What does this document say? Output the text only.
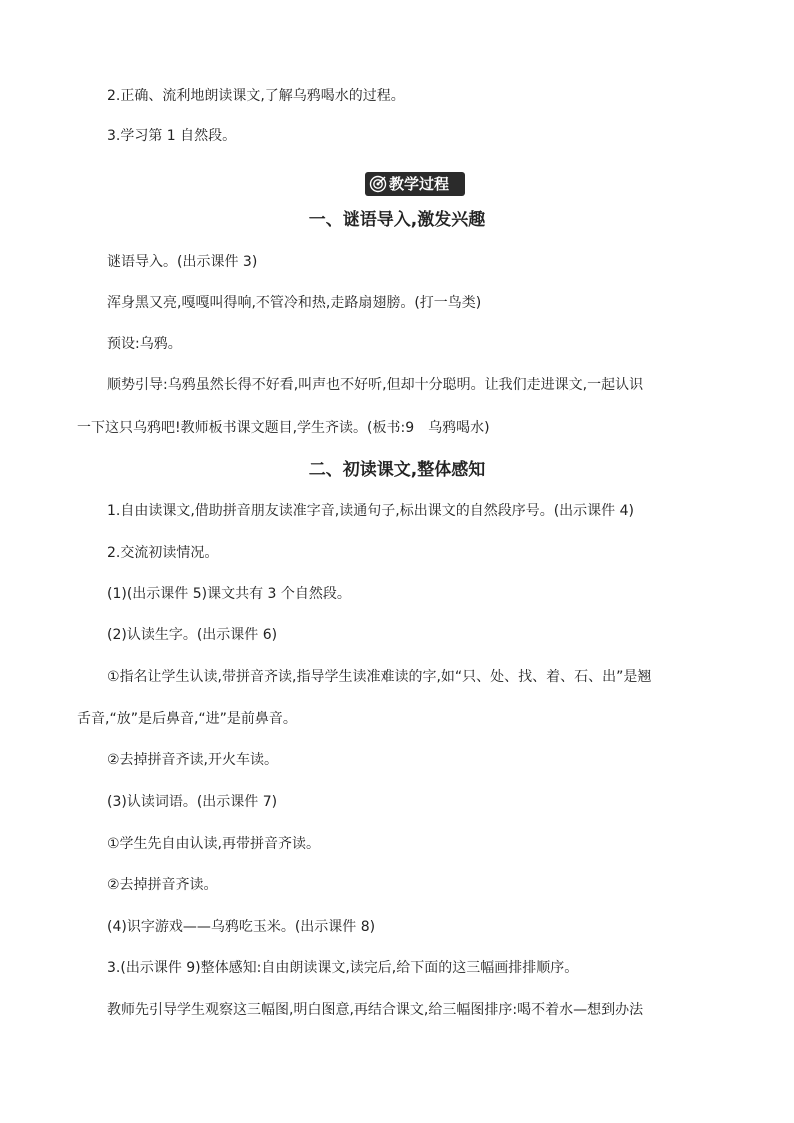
2.正确、流利地朗读课文,了解乌鸦喝水的过程。
3.学习第 1 自然段。
教学过程
一、谜语导入,激发兴趣
谜语导入。(出示课件 3)
浑身黑又亮,嘎嘎叫得响,不管冷和热,走路扇翅膀。(打一鸟类)
预设:乌鸦。
顺势引导:乌鸦虽然长得不好看,叫声也不好听,但却十分聪明。让我们走进课文,一起认识
一下这只乌鸦吧!教师板书课文题目,学生齐读。(板书:9　乌鸦喝水)
二、初读课文,整体感知
1.自由读课文,借助拼音朋友读准字音,读通句子,标出课文的自然段序号。(出示课件 4)
2.交流初读情况。
(1)(出示课件 5)课文共有 3 个自然段。
(2)认读生字。(出示课件 6)
①指名让学生认读,带拼音齐读,指导学生读准难读的字,如“只、处、找、着、石、出”是翘
舌音,“放”是后鼻音,“进”是前鼻音。
②去掉拼音齐读,开火车读。
(3)认读词语。(出示课件 7)
①学生先自由认读,再带拼音齐读。
②去掉拼音齐读。
(4)识字游戏——乌鸦吃玉米。(出示课件 8)
3.(出示课件 9)整体感知:自由朗读课文,读完后,给下面的这三幅画排排顺序。
教师先引导学生观察这三幅图,明白图意,再结合课文,给三幅图排序:喝不着水—想到办法
